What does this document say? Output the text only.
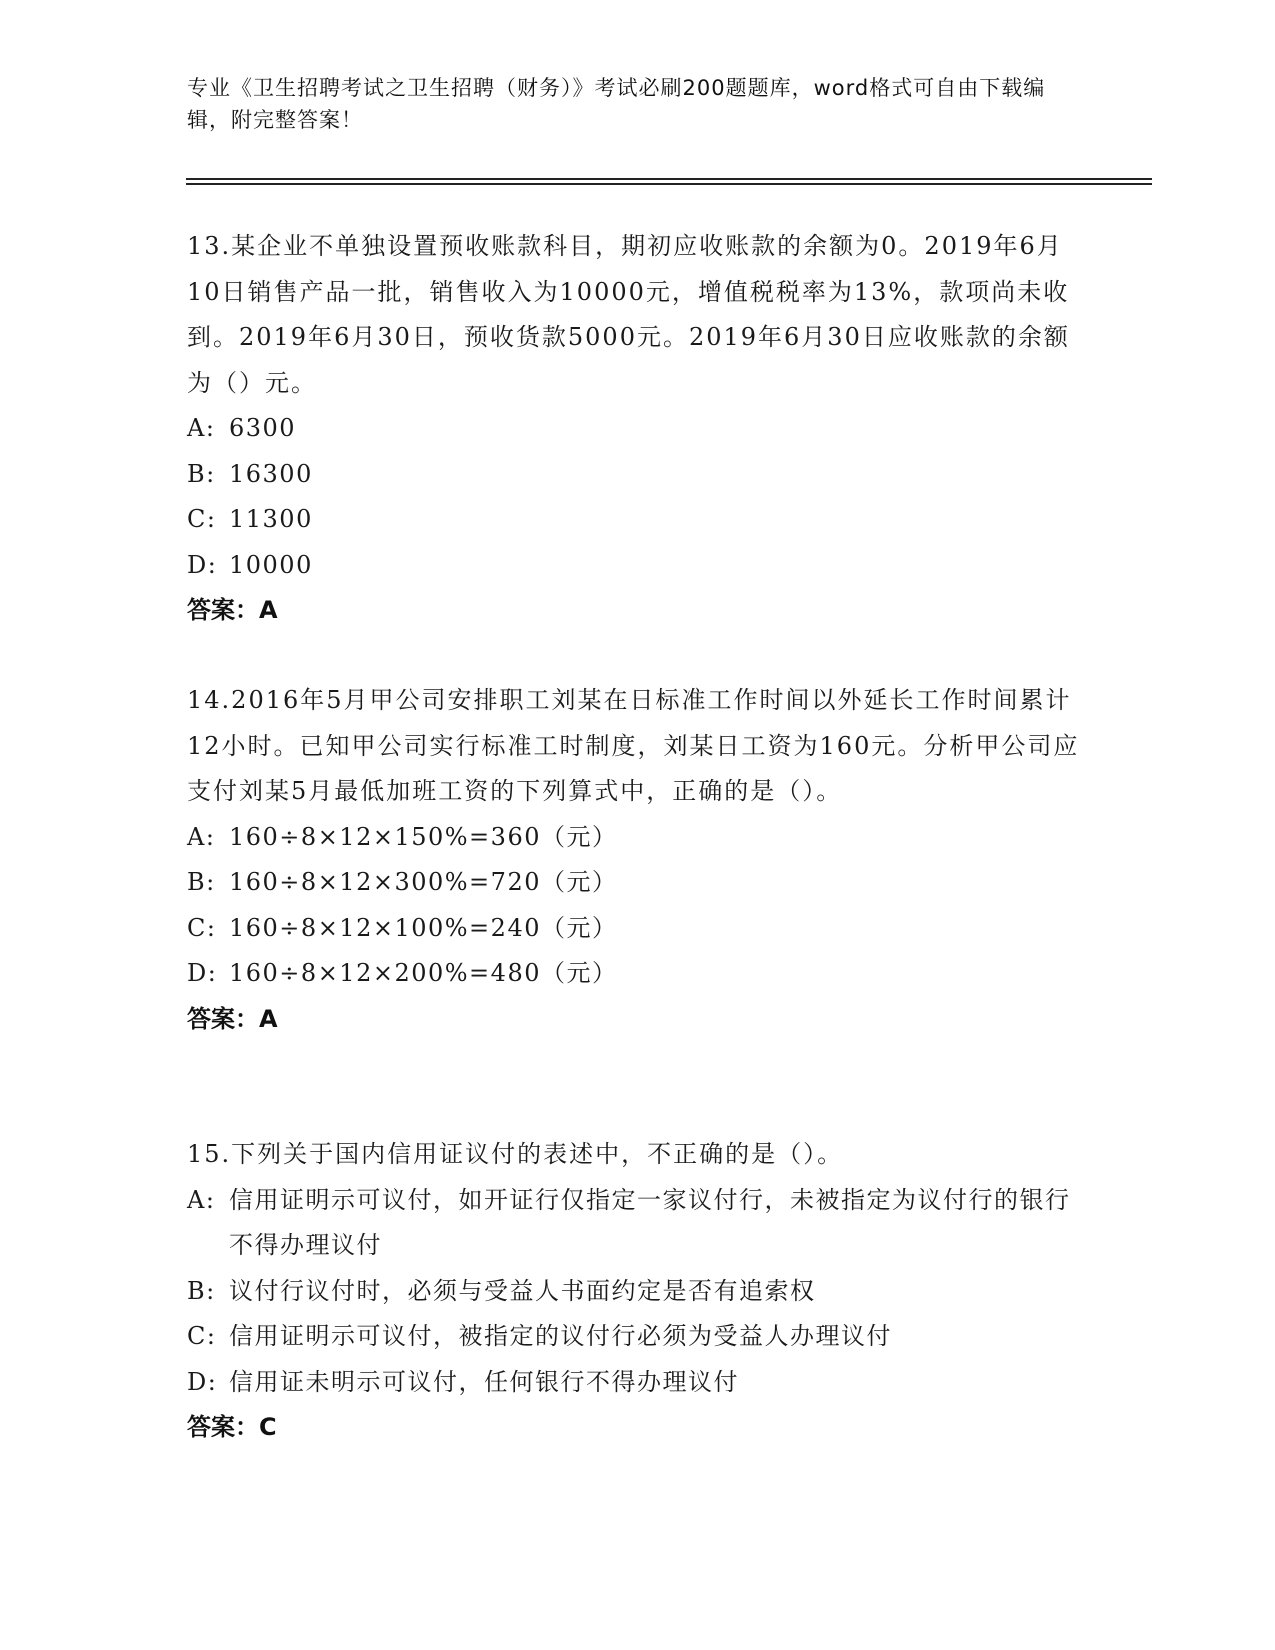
专业《卫生招聘考试之卫生招聘（财务）》考试必刷200题题库，word格式可自由下载编辑，附完整答案！

13.某企业不单独设置预收账款科目，期初应收账款的余额为0。2019年6月10日销售产品一批，销售收入为10000元，增值税税率为13%，款项尚未收到。2019年6月30日，预收货款5000元。2019年6月30日应收账款的余额为（）元。

A: 6300
B: 16300
C: 11300
D: 10000

答案：A

14.2016年5月甲公司安排职工刘某在日标准工作时间以外延长工作时间累计12小时。已知甲公司实行标准工时制度，刘某日工资为160元。分析甲公司应支付刘某5月最低加班工资的下列算式中，正确的是（）。

A: 160÷8×12×150%=360（元）
B: 160÷8×12×300%=720（元）
C: 160÷8×12×100%=240（元）
D: 160÷8×12×200%=480（元）

答案：A

15.下列关于国内信用证议付的表述中，不正确的是（）。

A: 信用证明示可议付，如开证行仅指定一家议付行，未被指定为议付行的银行不得办理议付
B: 议付行议付时，必须与受益人书面约定是否有追索权
C: 信用证明示可议付，被指定的议付行必须为受益人办理议付
D: 信用证未明示可议付，任何银行不得办理议付

答案：C
